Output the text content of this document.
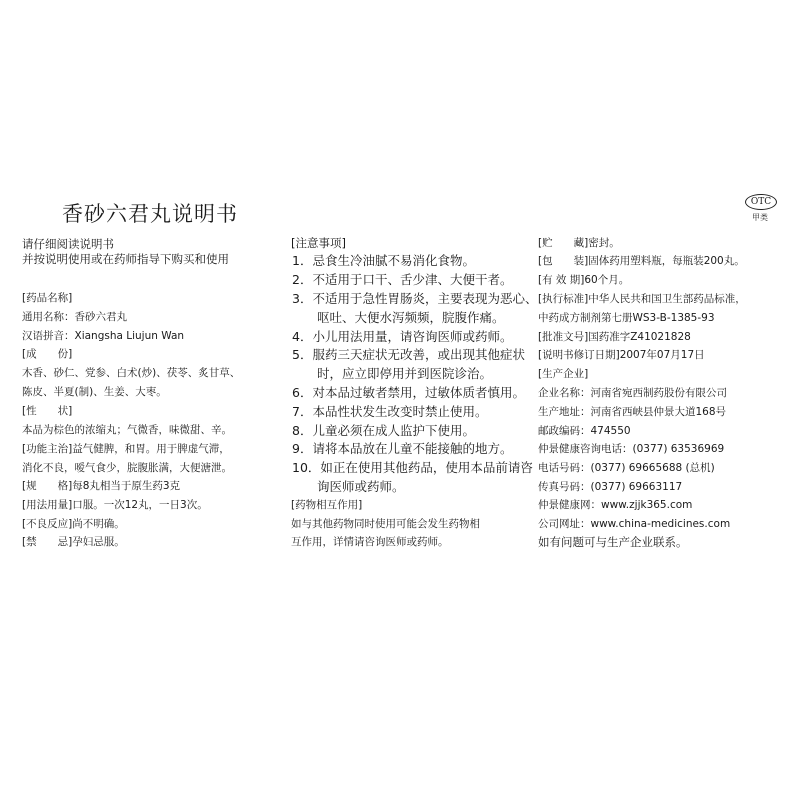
香砂六君丸说明书	OTC
甲类
请仔细阅读说明书
并按说明使用或在药师指导下购买和使用
[药品名称]
通用名称：香砂六君丸
汉语拼音：Xiangsha Liujun Wan
[成　　份]
木香、砂仁、党参、白术(炒)、茯苓、炙甘草、
陈皮、半夏(制)、生姜、大枣。
[性　　状]
本品为棕色的浓缩丸；气微香，味微甜、辛。
[功能主治]益气健脾，和胃。用于脾虚气滞，
消化不良，嗳气食少，脘腹胀满，大便溏泄。
[规　　格]每8丸相当于原生药3克
[用法用量]口服。一次12丸，一日3次。
[不良反应]尚不明确。
[禁　　忌]孕妇忌服。
[注意事项]
1．忌食生冷油腻不易消化食物。
2．不适用于口干、舌少津、大便干者。
3．不适用于急性胃肠炎，主要表现为恶心、
　　呕吐、大便水泻频频，脘腹作痛。
4．小儿用法用量，请咨询医师或药师。
5．服药三天症状无改善，或出现其他症状
　　时，应立即停用并到医院诊治。
6．对本品过敏者禁用，过敏体质者慎用。
7．本品性状发生改变时禁止使用。
8．儿童必须在成人监护下使用。
9．请将本品放在儿童不能接触的地方。
10．如正在使用其他药品，使用本品前请咨
　　询医师或药师。
[药物相互作用]
如与其他药物同时使用可能会发生药物相
互作用，详情请咨询医师或药师。
[贮　　藏]密封。
[包　　装]固体药用塑料瓶，每瓶装200丸。
[有 效 期]60个月。
[执行标准]中华人民共和国卫生部药品标准，
中药成方制剂第七册WS3-B-1385-93
[批准文号]国药准字Z41021828
[说明书修订日期]2007年07月17日
[生产企业]
企业名称：河南省宛西制药股份有限公司
生产地址：河南省西峡县仲景大道168号
邮政编码：474550
仲景健康咨询电话：(0377) 63536969
电话号码：(0377) 69665688 (总机)
传真号码：(0377) 69663117
仲景健康网：www.zjjk365.com
公司网址：www.china-medicines.com
如有问题可与生产企业联系。
